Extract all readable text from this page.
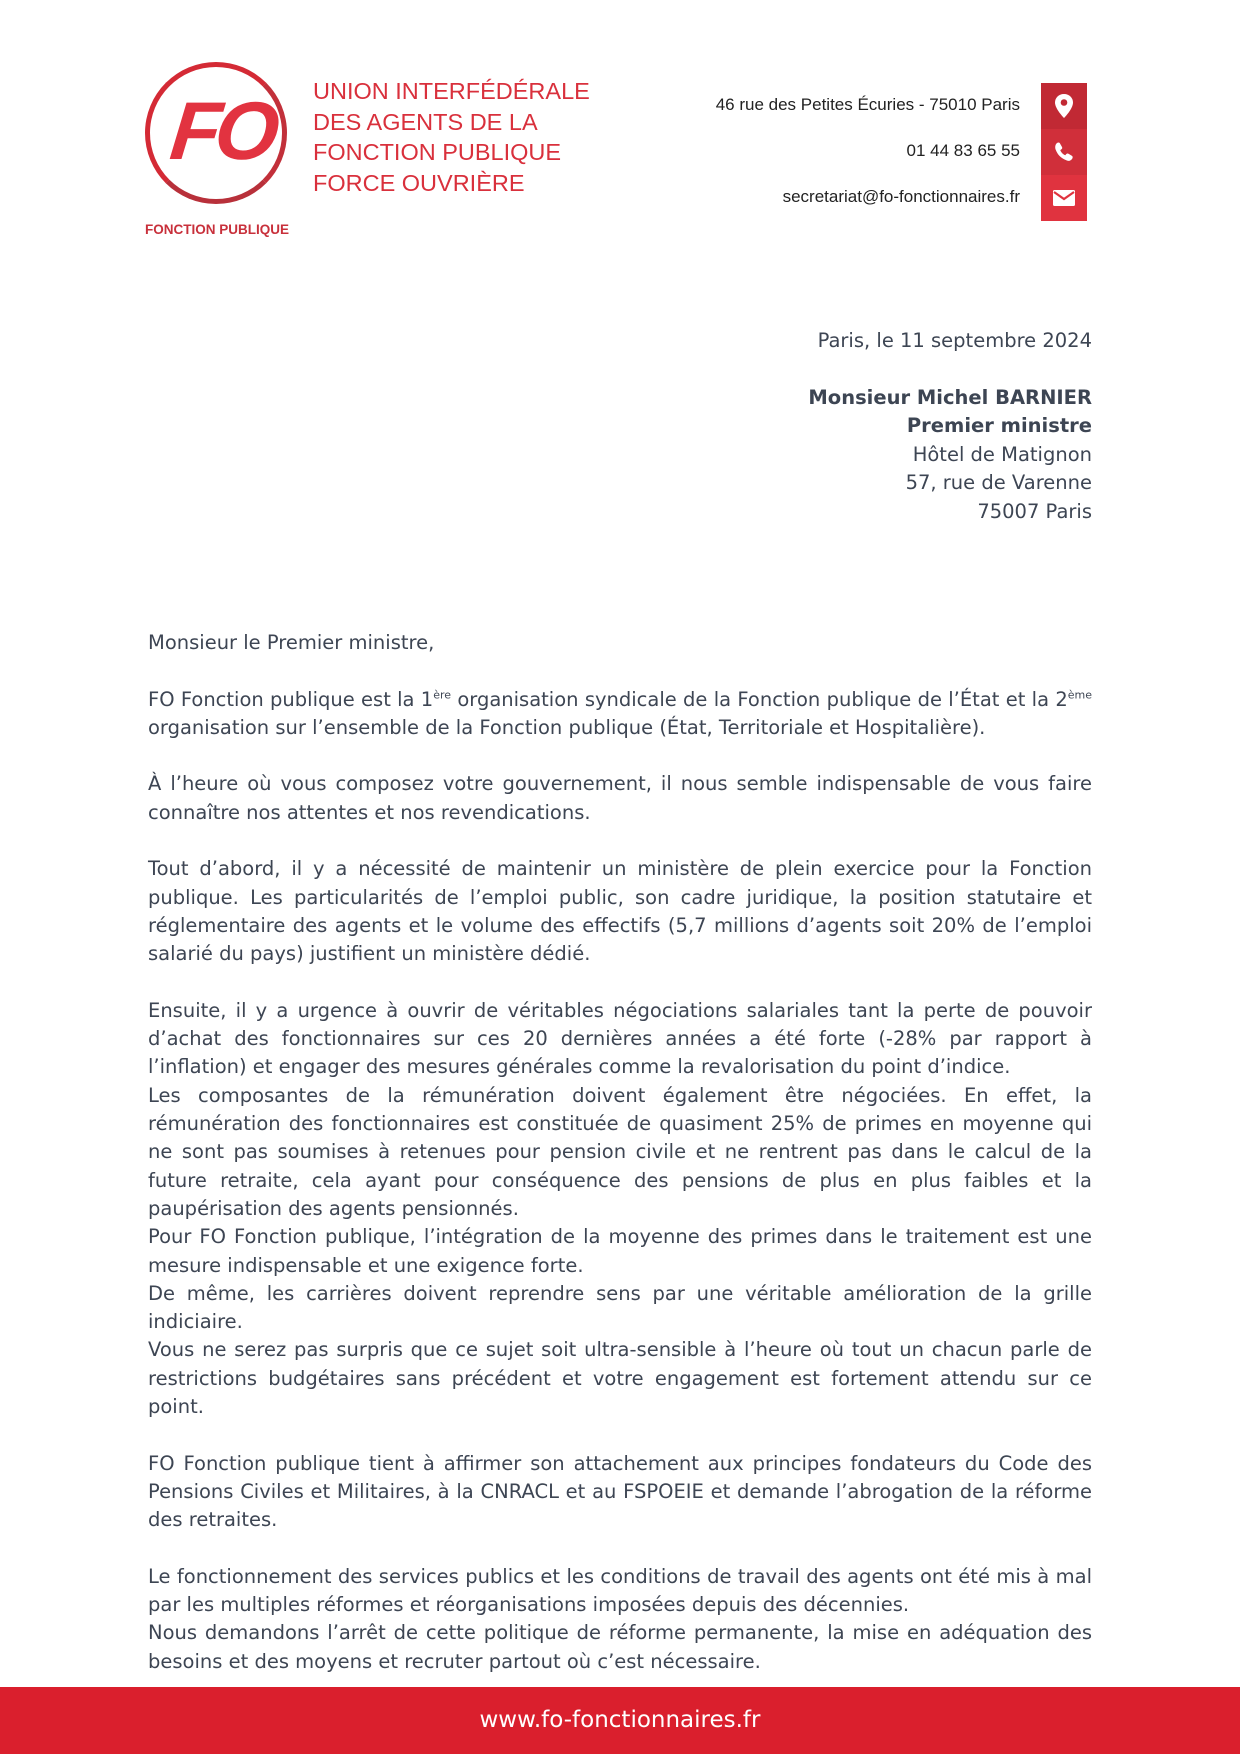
FO
FONCTION PUBLIQUE
UNION INTERFÉDÉRALE
DES AGENTS DE LA
FONCTION PUBLIQUE
FORCE OUVRIÈRE
46 rue des Petites Écuries - 75010 Paris
01 44 83 65 55
secretariat@fo-fonctionnaires.fr
Paris, le 11 septembre 2024
Monsieur Michel BARNIER
Premier ministre
Hôtel de Matignon
57, rue de Varenne
75007 Paris

Monsieur le Premier ministre,

FO Fonction publique est la 1ère organisation syndicale de la Fonction publique de l’État et la 2ème organisation sur l’ensemble de la Fonction publique (État, Territoriale et Hospitalière).

À l’heure où vous composez votre gouvernement, il nous semble indispensable de vous faire connaître nos attentes et nos revendications.

Tout d’abord, il y a nécessité de maintenir un ministère de plein exercice pour la Fonction publique. Les particularités de l’emploi public, son cadre juridique, la position statutaire et réglementaire des agents et le volume des effectifs (5,7 millions d’agents soit 20% de l’emploi salarié du pays) justifient un ministère dédié.

Ensuite, il y a urgence à ouvrir de véritables négociations salariales tant la perte de pouvoir d’achat des fonctionnaires sur ces 20 dernières années a été forte (-28% par rapport à l’inflation) et engager des mesures générales comme la revalorisation du point d’indice.

Les composantes de la rémunération doivent également être négociées. En effet, la rémunération des fonctionnaires est constituée de quasiment 25% de primes en moyenne qui ne sont pas soumises à retenues pour pension civile et ne rentrent pas dans le calcul de la future retraite, cela ayant pour conséquence des pensions de plus en plus faibles et la paupérisation des agents pensionnés.

Pour FO Fonction publique, l’intégration de la moyenne des primes dans le traitement est une mesure indispensable et une exigence forte.

De même, les carrières doivent reprendre sens par une véritable amélioration de la grille indiciaire.

Vous ne serez pas surpris que ce sujet soit ultra-sensible à l’heure où tout un chacun parle de restrictions budgétaires sans précédent et votre engagement est fortement attendu sur ce point.

FO Fonction publique tient à affirmer son attachement aux principes fondateurs du Code des Pensions Civiles et Militaires, à la CNRACL et au FSPOEIE et demande l’abrogation de la réforme des retraites.

Le fonctionnement des services publics et les conditions de travail des agents ont été mis à mal par les multiples réformes et réorganisations imposées depuis des décennies.

Nous demandons l’arrêt de cette politique de réforme permanente, la mise en adéquation des besoins et des moyens et recruter partout où c’est nécessaire.

www.fo-fonctionnaires.fr
